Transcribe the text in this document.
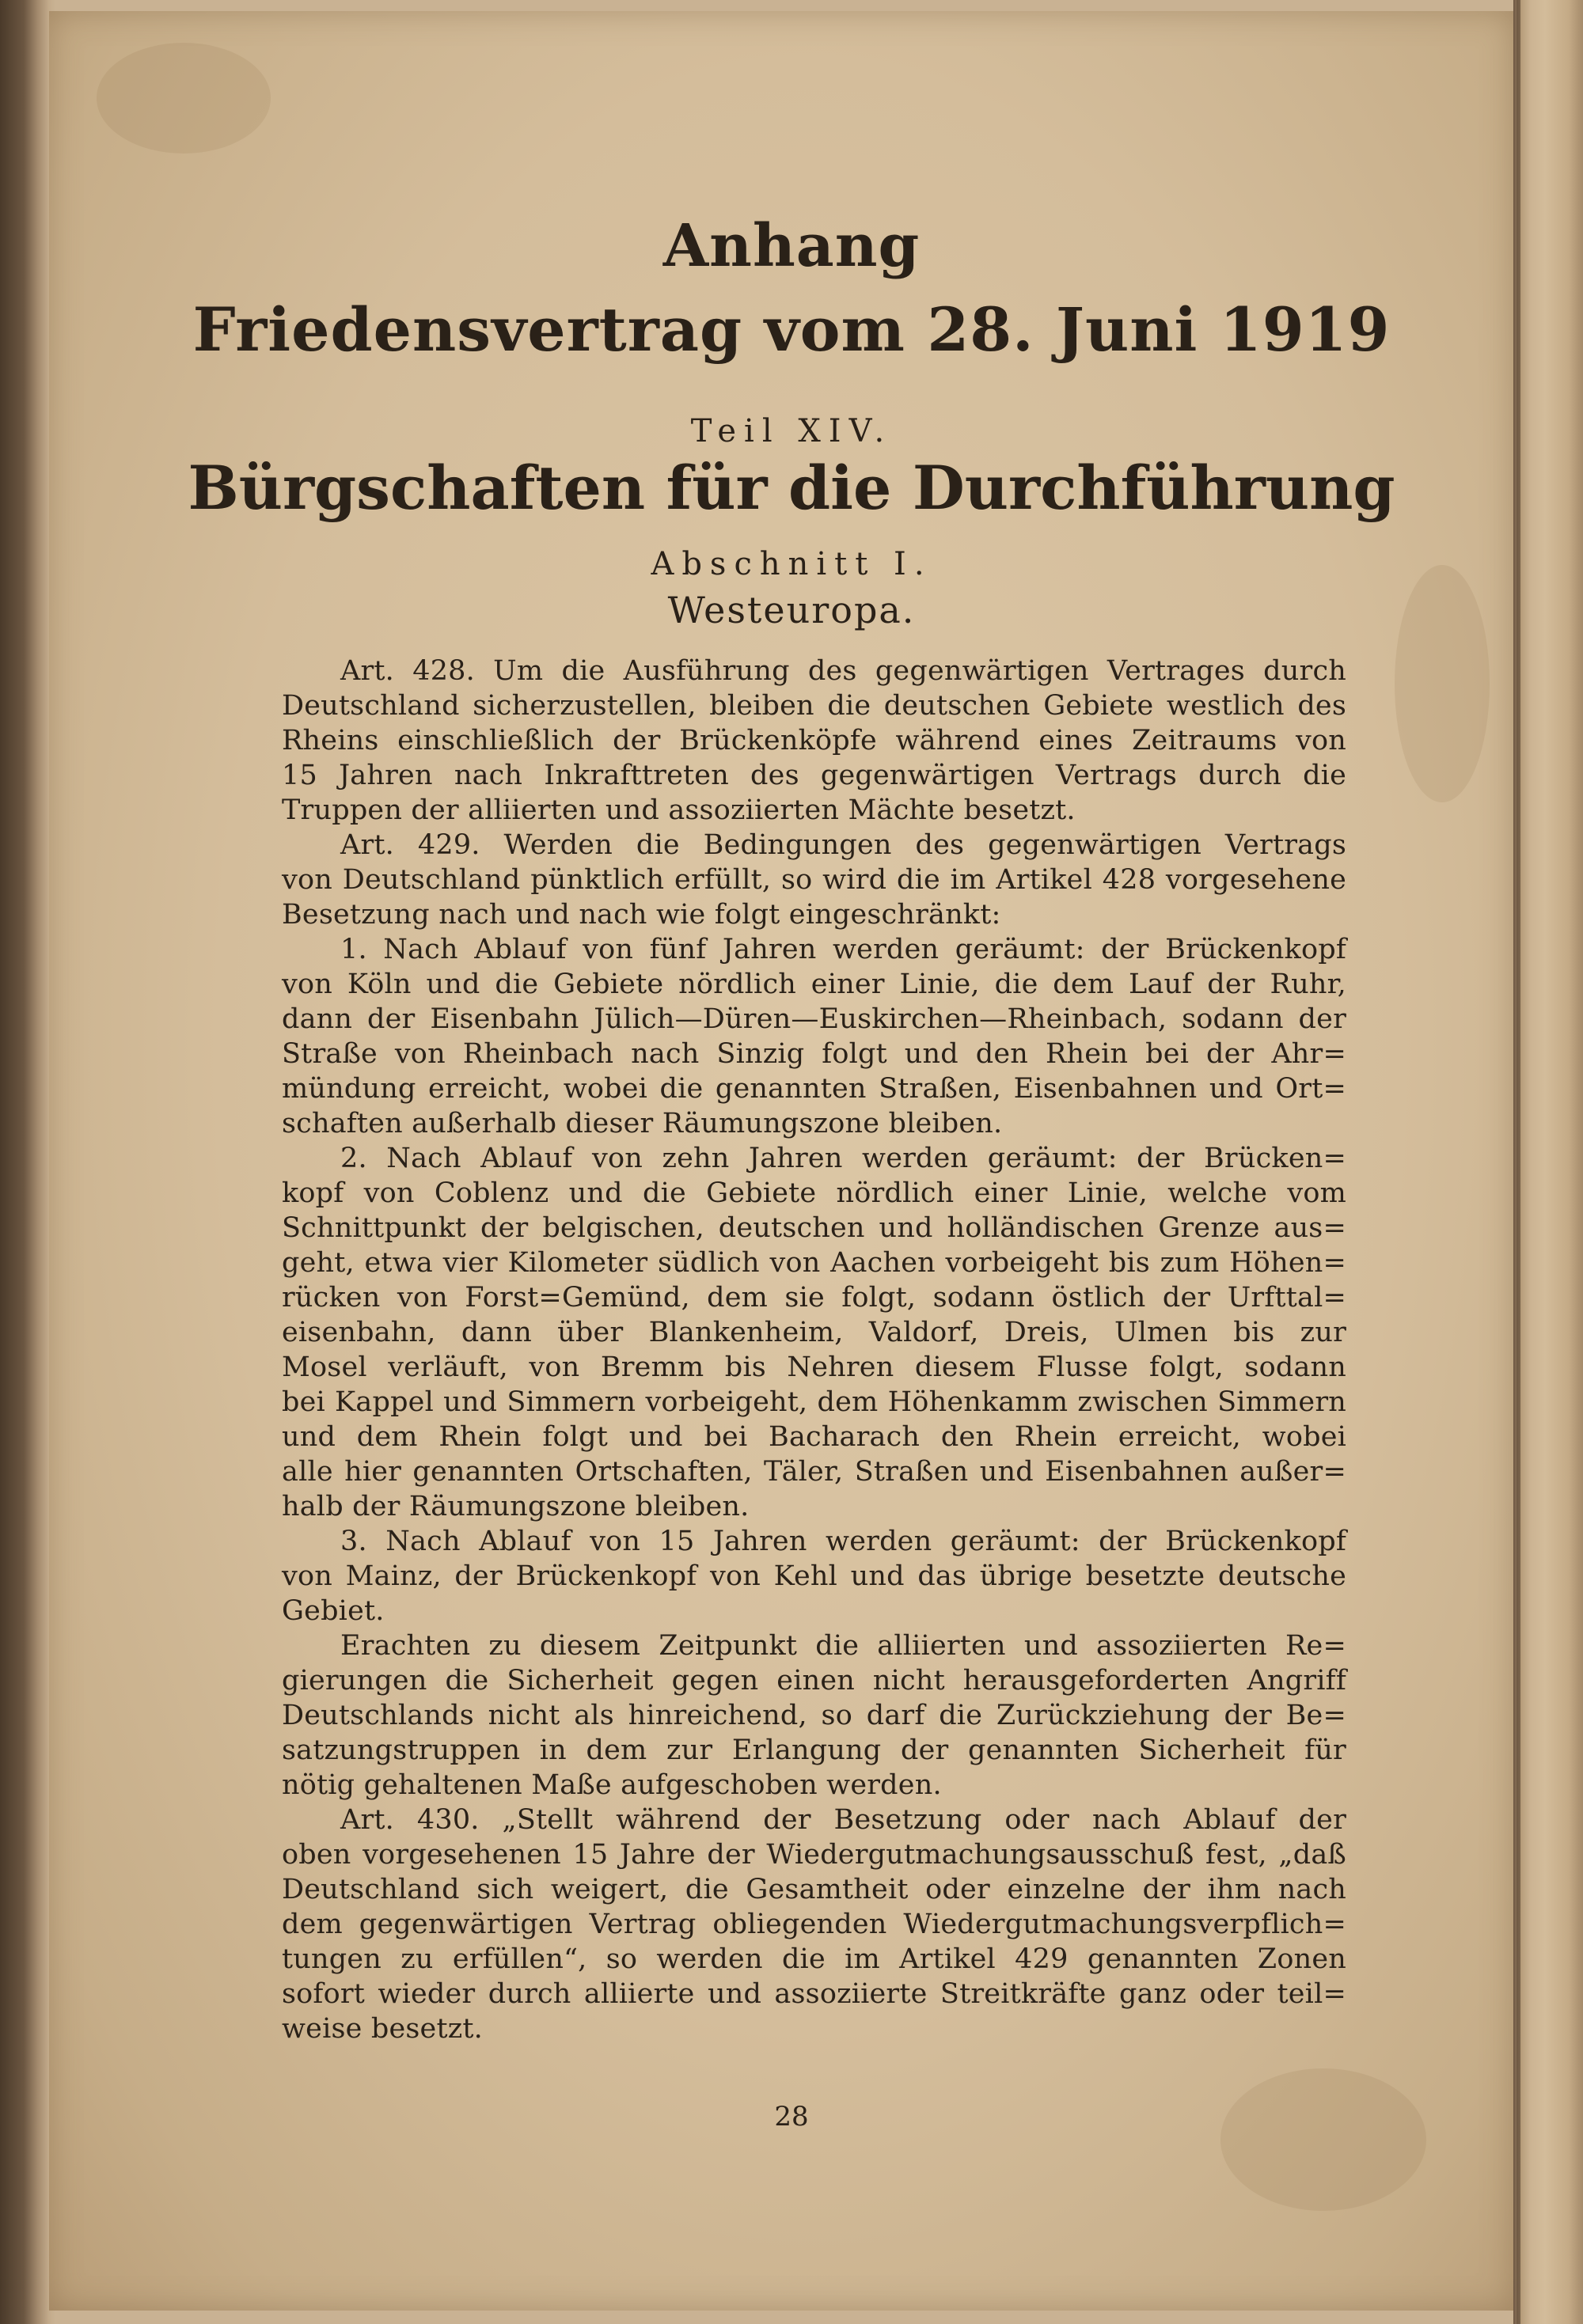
Anhang
Friedensvertrag vom 28. Juni 1919
Teil XIV.
Bürgschaften für die Durchführung
Abschnitt I.
Westeuropa.
Art. 428. Um die Ausführung des gegenwärtigen Vertrages durch
Deutschland sicherzustellen, bleiben die deutschen Gebiete westlich des
Rheins einschließlich der Brückenköpfe während eines Zeitraums von
15 Jahren nach Inkrafttreten des gegenwärtigen Vertrags durch die
Truppen der alliierten und assoziierten Mächte besetzt.
Art. 429. Werden die Bedingungen des gegenwärtigen Vertrags
von Deutschland pünktlich erfüllt, so wird die im Artikel 428 vorgesehene
Besetzung nach und nach wie folgt eingeschränkt:
1. Nach Ablauf von fünf Jahren werden geräumt: der Brückenkopf
von Köln und die Gebiete nördlich einer Linie, die dem Lauf der Ruhr,
dann der Eisenbahn Jülich—Düren—Euskirchen—Rheinbach, sodann der
Straße von Rheinbach nach Sinzig folgt und den Rhein bei der Ahr=
mündung erreicht, wobei die genannten Straßen, Eisenbahnen und Ort=
schaften außerhalb dieser Räumungszone bleiben.
2. Nach Ablauf von zehn Jahren werden geräumt: der Brücken=
kopf von Coblenz und die Gebiete nördlich einer Linie, welche vom
Schnittpunkt der belgischen, deutschen und holländischen Grenze aus=
geht, etwa vier Kilometer südlich von Aachen vorbeigeht bis zum Höhen=
rücken von Forst=Gemünd, dem sie folgt, sodann östlich der Urfttal=
eisenbahn, dann über Blankenheim, Valdorf, Dreis, Ulmen bis zur
Mosel verläuft, von Bremm bis Nehren diesem Flusse folgt, sodann
bei Kappel und Simmern vorbeigeht, dem Höhenkamm zwischen Simmern
und dem Rhein folgt und bei Bacharach den Rhein erreicht, wobei
alle hier genannten Ortschaften, Täler, Straßen und Eisenbahnen außer=
halb der Räumungszone bleiben.
3. Nach Ablauf von 15 Jahren werden geräumt: der Brückenkopf
von Mainz, der Brückenkopf von Kehl und das übrige besetzte deutsche
Gebiet.
Erachten zu diesem Zeitpunkt die alliierten und assoziierten Re=
gierungen die Sicherheit gegen einen nicht herausgeforderten Angriff
Deutschlands nicht als hinreichend, so darf die Zurückziehung der Be=
satzungstruppen in dem zur Erlangung der genannten Sicherheit für
nötig gehaltenen Maße aufgeschoben werden.
Art. 430. „Stellt während der Besetzung oder nach Ablauf der
oben vorgesehenen 15 Jahre der Wiedergutmachungsausschuß fest, „daß
Deutschland sich weigert, die Gesamtheit oder einzelne der ihm nach
dem gegenwärtigen Vertrag obliegenden Wiedergutmachungsverpflich=
tungen zu erfüllen“, so werden die im Artikel 429 genannten Zonen
sofort wieder durch alliierte und assoziierte Streitkräfte ganz oder teil=
weise besetzt.
28
